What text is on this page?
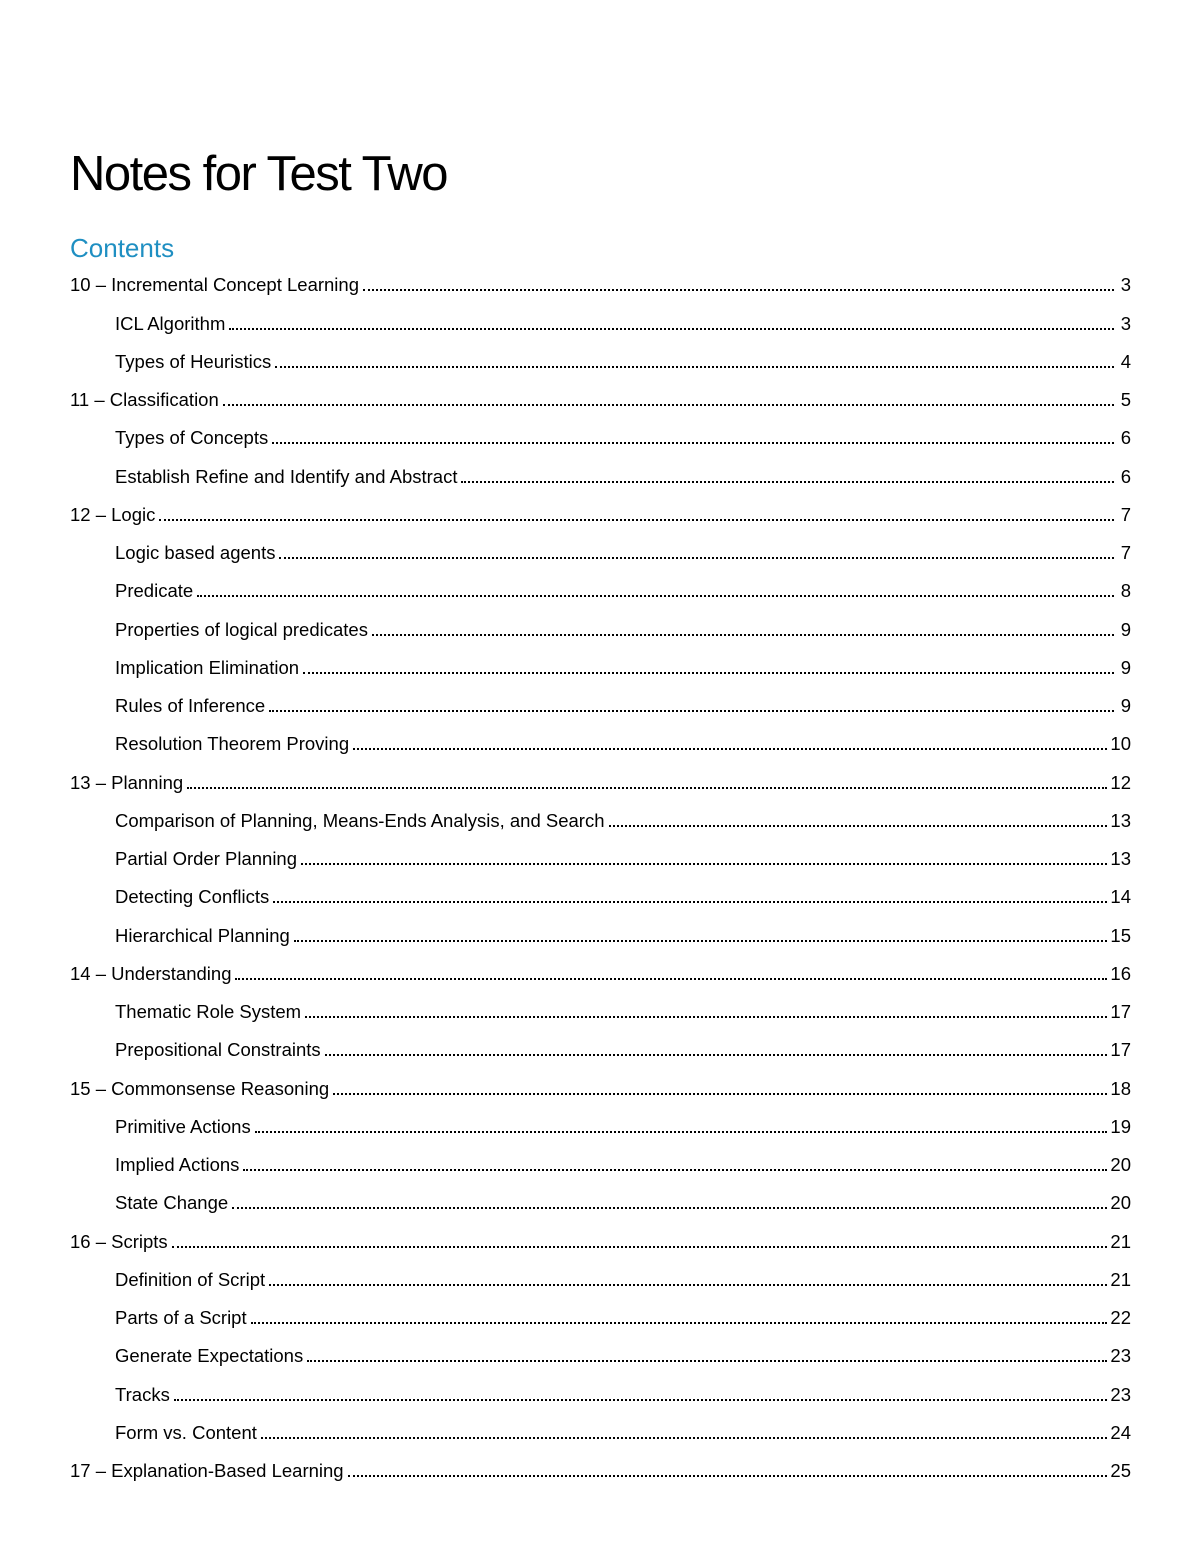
Notes for Test Two
Contents
10 – Incremental Concept Learning	3
ICL Algorithm	3
Types of Heuristics	4
11 – Classification	5
Types of Concepts	6
Establish Refine and Identify and Abstract	6
12 – Logic	7
Logic based agents	7
Predicate	8
Properties of logical predicates	9
Implication Elimination	9
Rules of Inference	9
Resolution Theorem Proving	10
13 – Planning	12
Comparison of Planning, Means-Ends Analysis, and Search	13
Partial Order Planning	13
Detecting Conflicts	14
Hierarchical Planning	15
14 – Understanding	16
Thematic Role System	17
Prepositional Constraints	17
15 – Commonsense Reasoning	18
Primitive Actions	19
Implied Actions	20
State Change	20
16 – Scripts	21
Definition of Script	21
Parts of a Script	22
Generate Expectations	23
Tracks	23
Form vs. Content	24
17 – Explanation-Based Learning	25
